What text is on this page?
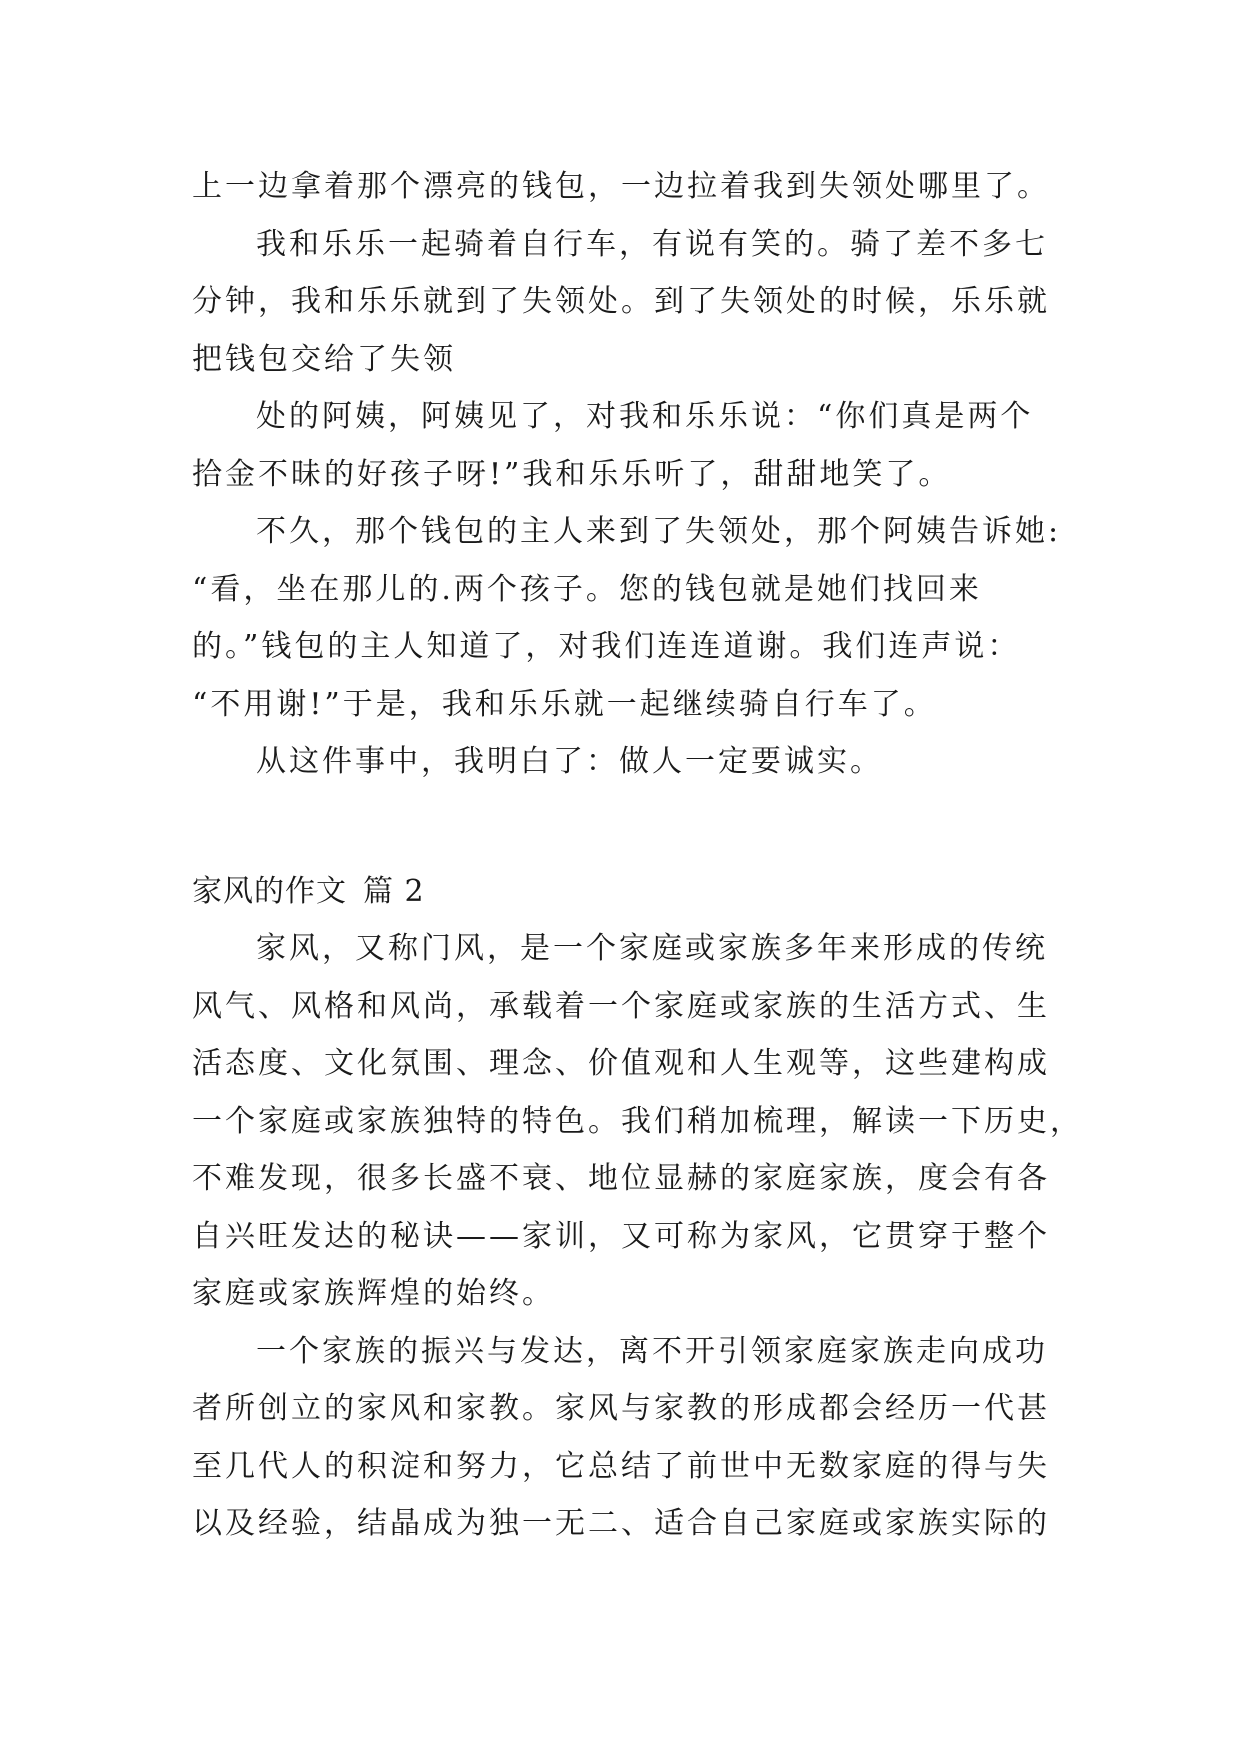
上一边拿着那个漂亮的钱包，一边拉着我到失领处哪里了。
我和乐乐一起骑着自行车，有说有笑的。骑了差不多七
分钟，我和乐乐就到了失领处。到了失领处的时候，乐乐就
把钱包交给了失领
处的阿姨，阿姨见了，对我和乐乐说：“你们真是两个
拾金不昧的好孩子呀!”我和乐乐听了，甜甜地笑了。
不久，那个钱包的主人来到了失领处，那个阿姨告诉她:
“看，坐在那儿的.两个孩子。您的钱包就是她们找回来
的。”钱包的主人知道了，对我们连连道谢。我们连声说：
“不用谢!”于是，我和乐乐就一起继续骑自行车了。
从这件事中，我明白了：做人一定要诚实。
家风的作文 篇 2
家风，又称门风，是一个家庭或家族多年来形成的传统
风气、风格和风尚，承载着一个家庭或家族的生活方式、生
活态度、文化氛围、理念、价值观和人生观等，这些建构成
一个家庭或家族独特的特色。我们稍加梳理，解读一下历史，
不难发现，很多长盛不衰、地位显赫的家庭家族，度会有各
自兴旺发达的秘诀——家训，又可称为家风，它贯穿于整个
家庭或家族辉煌的始终。
一个家族的振兴与发达，离不开引领家庭家族走向成功
者所创立的家风和家教。家风与家教的形成都会经历一代甚
至几代人的积淀和努力，它总结了前世中无数家庭的得与失
以及经验，结晶成为独一无二、适合自己家庭或家族实际的
